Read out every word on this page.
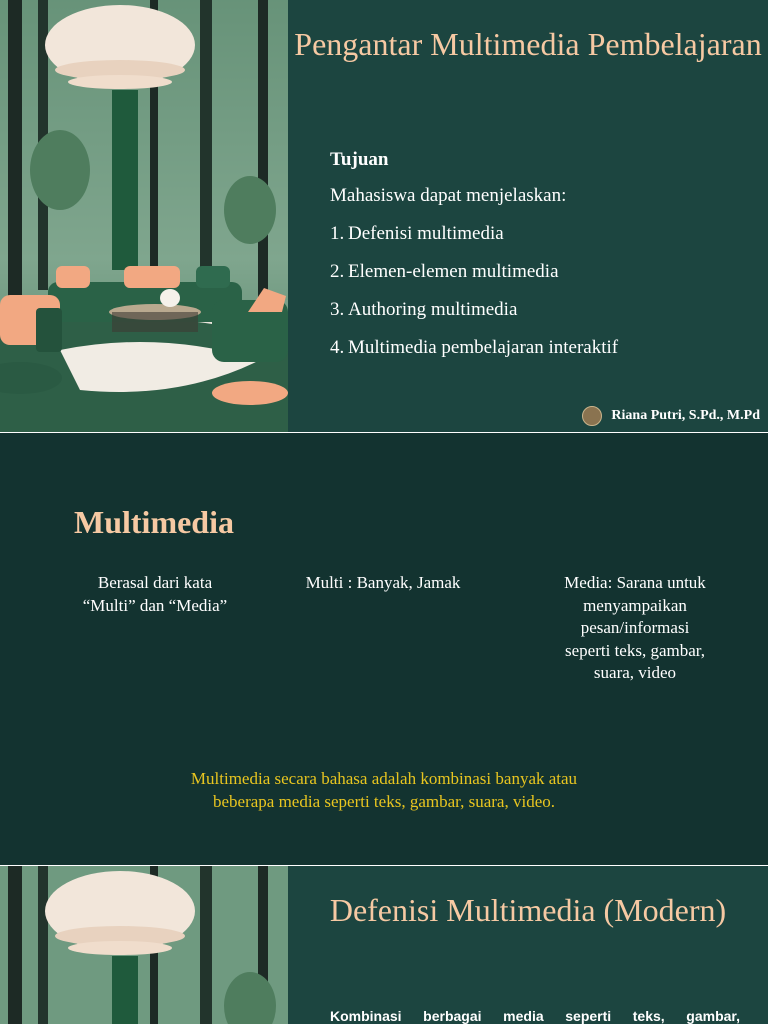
Pengantar Multimedia Pembelajaran
Tujuan
Mahasiswa dapat menjelaskan:
1. Defenisi multimedia
2. Elemen-elemen multimedia
3. Authoring multimedia
4. Multimedia pembelajaran interaktif
Riana Putri, S.Pd., M.Pd
Multimedia
Berasal dari kata “Multi” dan “Media”
Multi : Banyak, Jamak	Media: Sarana untuk menyampaikan pesan/informasi seperti teks, gambar, suara, video
Multimedia secara bahasa adalah kombinasi banyak atau beberapa media seperti teks, gambar, suara, video.
Defenisi Multimedia (Modern)
Kombinasi berbagai media seperti teks, gambar,
